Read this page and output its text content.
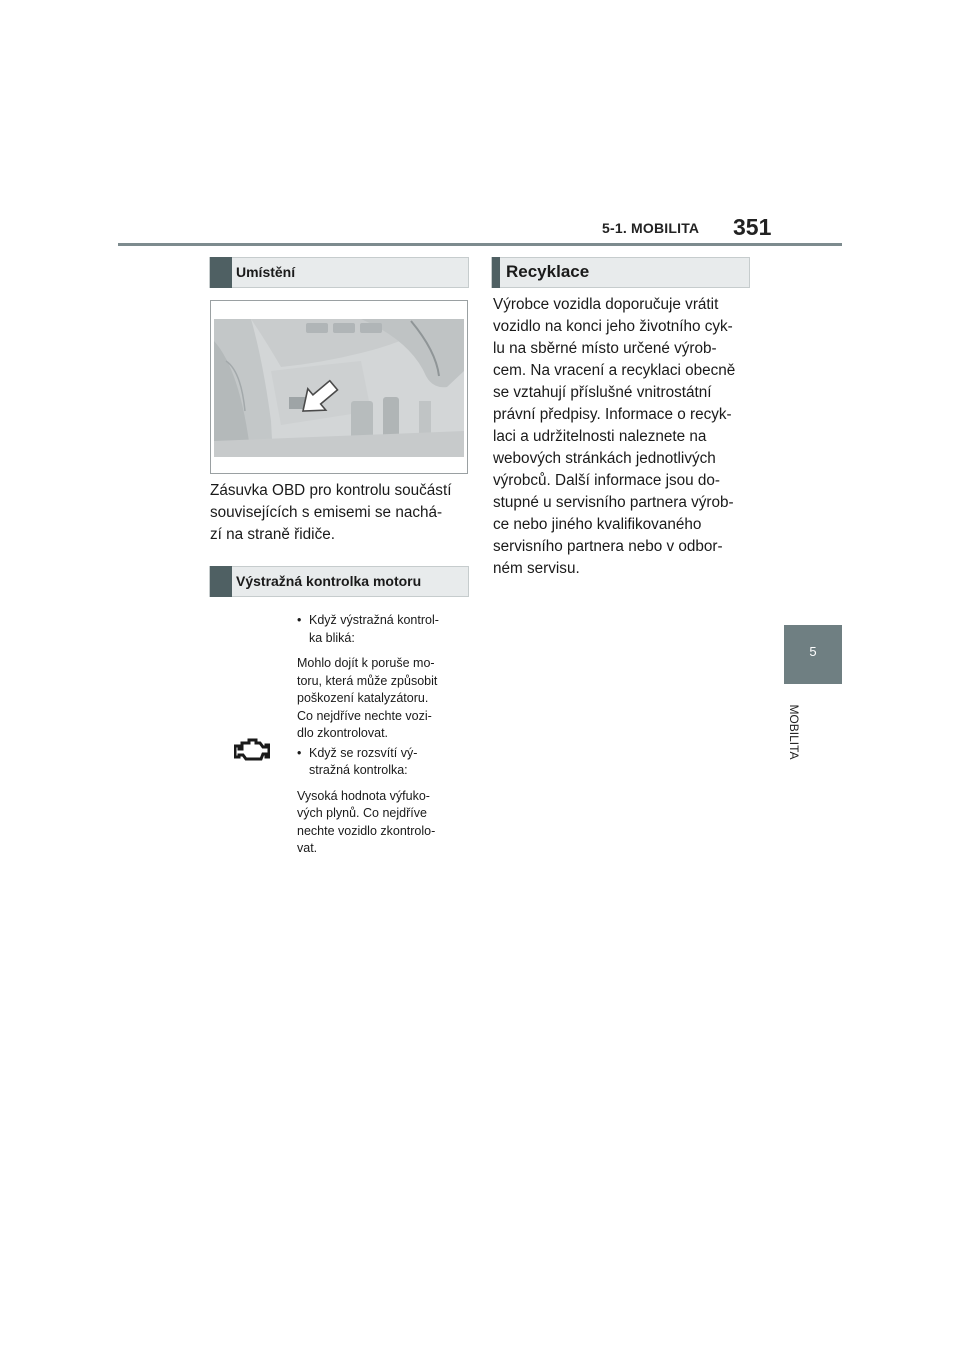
5-1. MOBILITA 351
5
MOBILITA
Umístění
Zásuvka OBD pro kontrolu součástí
souvisejících s emisemi se nachá-
zí na straně řidiče.
Výstražná kontrolka motoru
• Když výstražná kontrol-
ka bliká:
Mohlo dojít k poruše mo-
toru, která může způsobit
poškození katalyzátoru.
Co nejdříve nechte vozi-
dlo zkontrolovat.
• Když se rozsvítí vý-
stražná kontrolka:
Vysoká hodnota výfuko-
vých plynů. Co nejdříve
nechte vozidlo zkontrolo-
vat.
Recyklace
Výrobce vozidla doporučuje vrátit
vozidlo na konci jeho životního cyk-
lu na sběrné místo určené výrob-
cem. Na vracení a recyklaci obecně
se vztahují příslušné vnitrostátní
právní předpisy. Informace o recyk-
laci a udržitelnosti naleznete na
webových stránkách jednotlivých
výrobců. Další informace jsou do-
stupné u servisního partnera výrob-
ce nebo jiného kvalifikovaného
servisního partnera nebo v odbor-
ném servisu.
